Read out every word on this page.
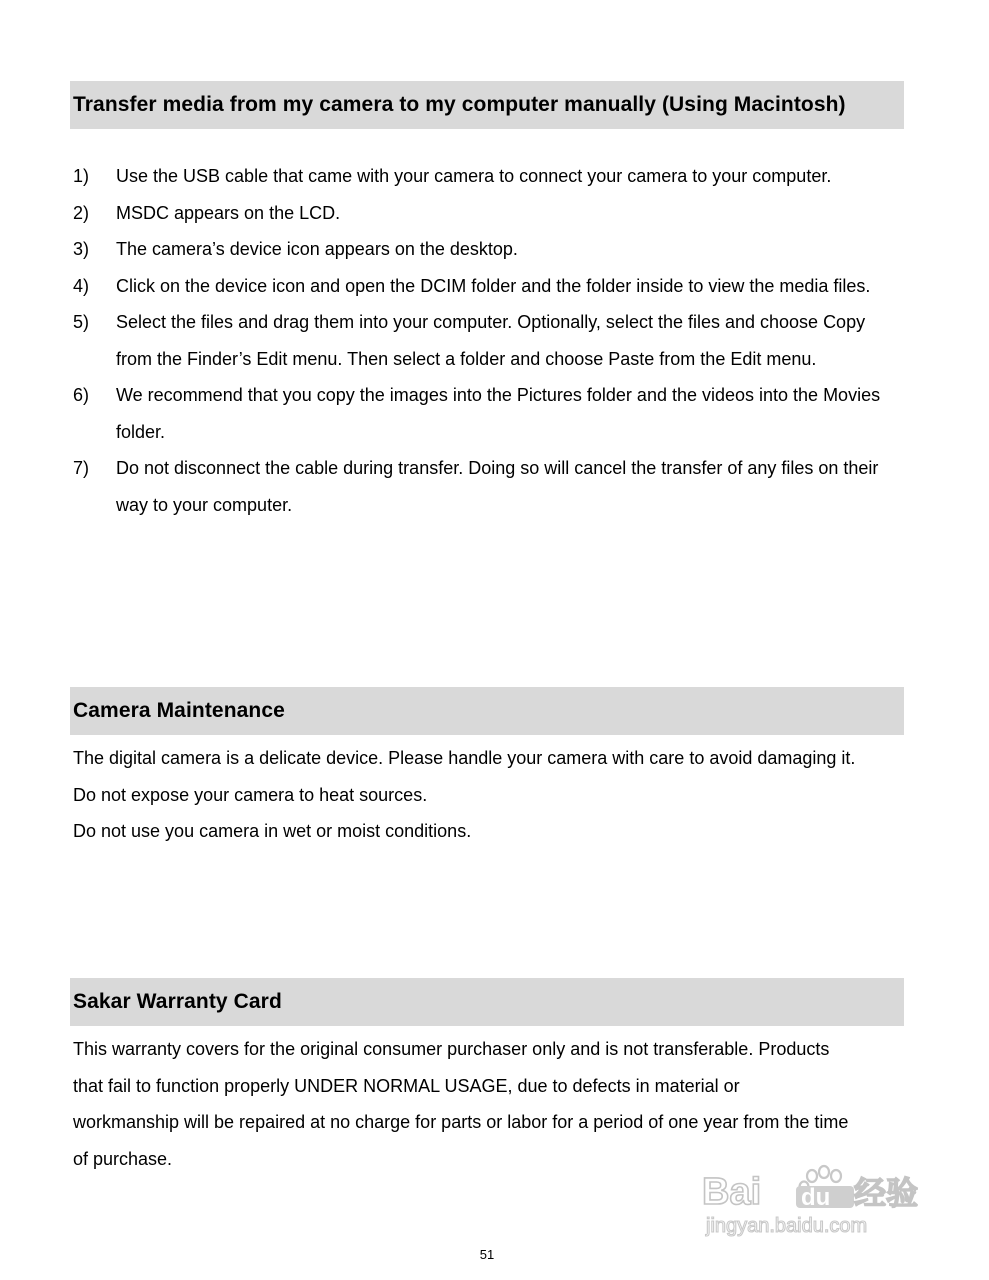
Transfer media from my camera to my computer manually (Using Macintosh)
1)	Use the USB cable that came with your camera to connect your camera to your computer.
2)	MSDC appears on the LCD.
3)	The camera’s device icon appears on the desktop.
4)	Click on the device icon and open the DCIM folder and the folder inside to view the media files.
5)	Select the files and drag them into your computer. Optionally, select the files and choose Copy from the Finder’s Edit menu. Then select a folder and choose Paste from the Edit menu.
6)	We recommend that you copy the images into the Pictures folder and the videos into the Movies folder.
7)	Do not disconnect the cable during transfer. Doing so will cancel the transfer of any files on their way to your computer.
Camera Maintenance
The digital camera is a delicate device. Please handle your camera with care to avoid damaging it.
Do not expose your camera to heat sources.
Do not use you camera in wet or moist conditions.
Sakar Warranty Card
This warranty covers for the original consumer purchaser only and is not transferable. Products
that fail to function properly UNDER NORMAL USAGE, due to defects in material or
workmanship will be repaired at no charge for parts or labor for a period of one year from the time
of purchase.
Bai du 经验
jingyan.baidu.com
51
